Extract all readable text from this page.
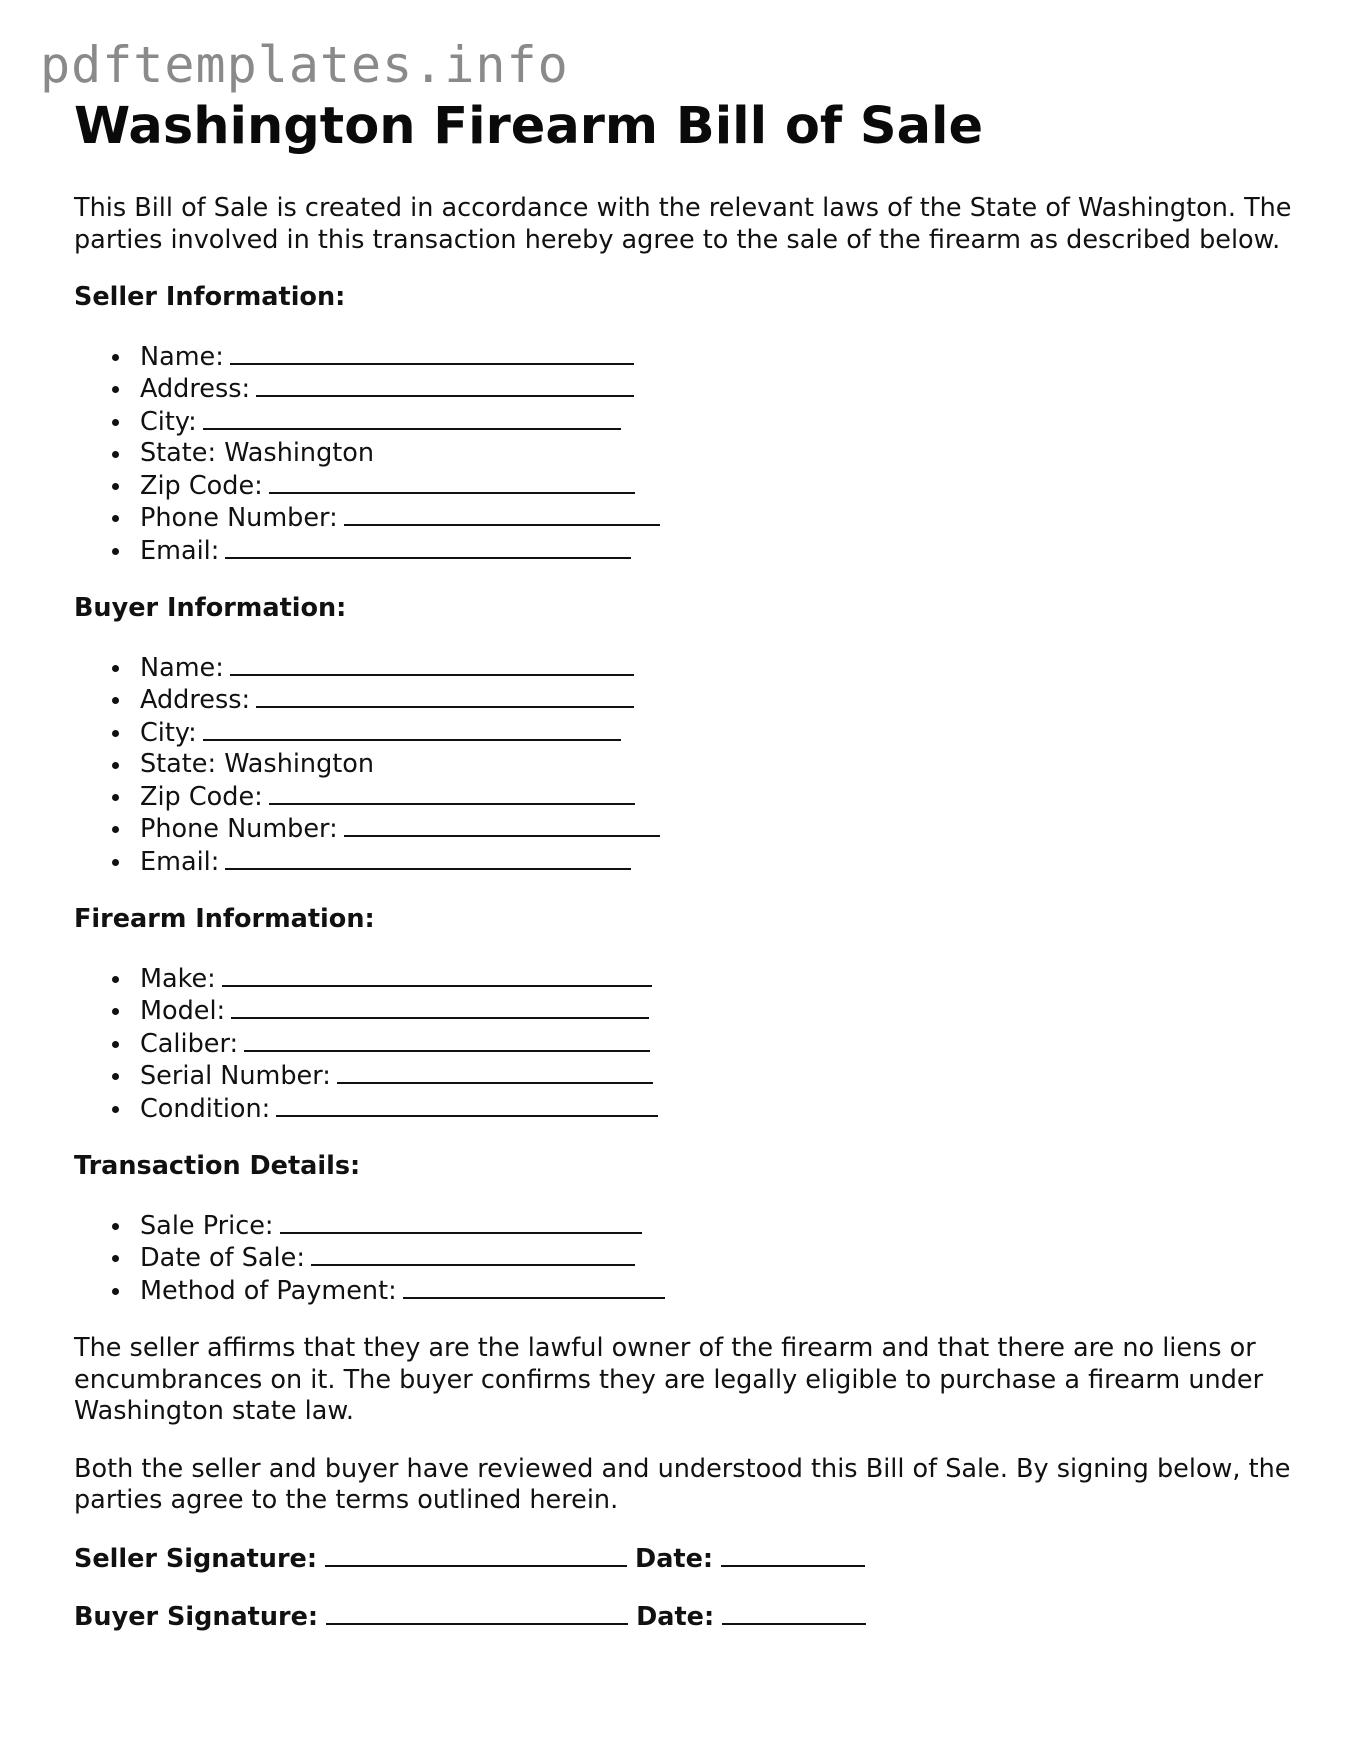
pdftemplates.info
Washington Firearm Bill of Sale

This Bill of Sale is created in accordance with the relevant laws of the State of Washington. The parties involved in this transaction hereby agree to the sale of the firearm as described below.

Seller Information:
Name:
Address:
City:
State: Washington
Zip Code:
Phone Number:
Email:
Buyer Information:
Name:
Address:
City:
State: Washington
Zip Code:
Phone Number:
Email:
Firearm Information:
Make:
Model:
Caliber:
Serial Number:
Condition:
Transaction Details:
Sale Price:
Date of Sale:
Method of Payment:

The seller affirms that they are the lawful owner of the firearm and that there are no liens or encumbrances on it. The buyer confirms they are legally eligible to purchase a firearm under Washington state law.

Both the seller and buyer have reviewed and understood this Bill of Sale. By signing below, the parties agree to the terms outlined herein.

Seller Signature:	Date:
Buyer Signature:	Date:
